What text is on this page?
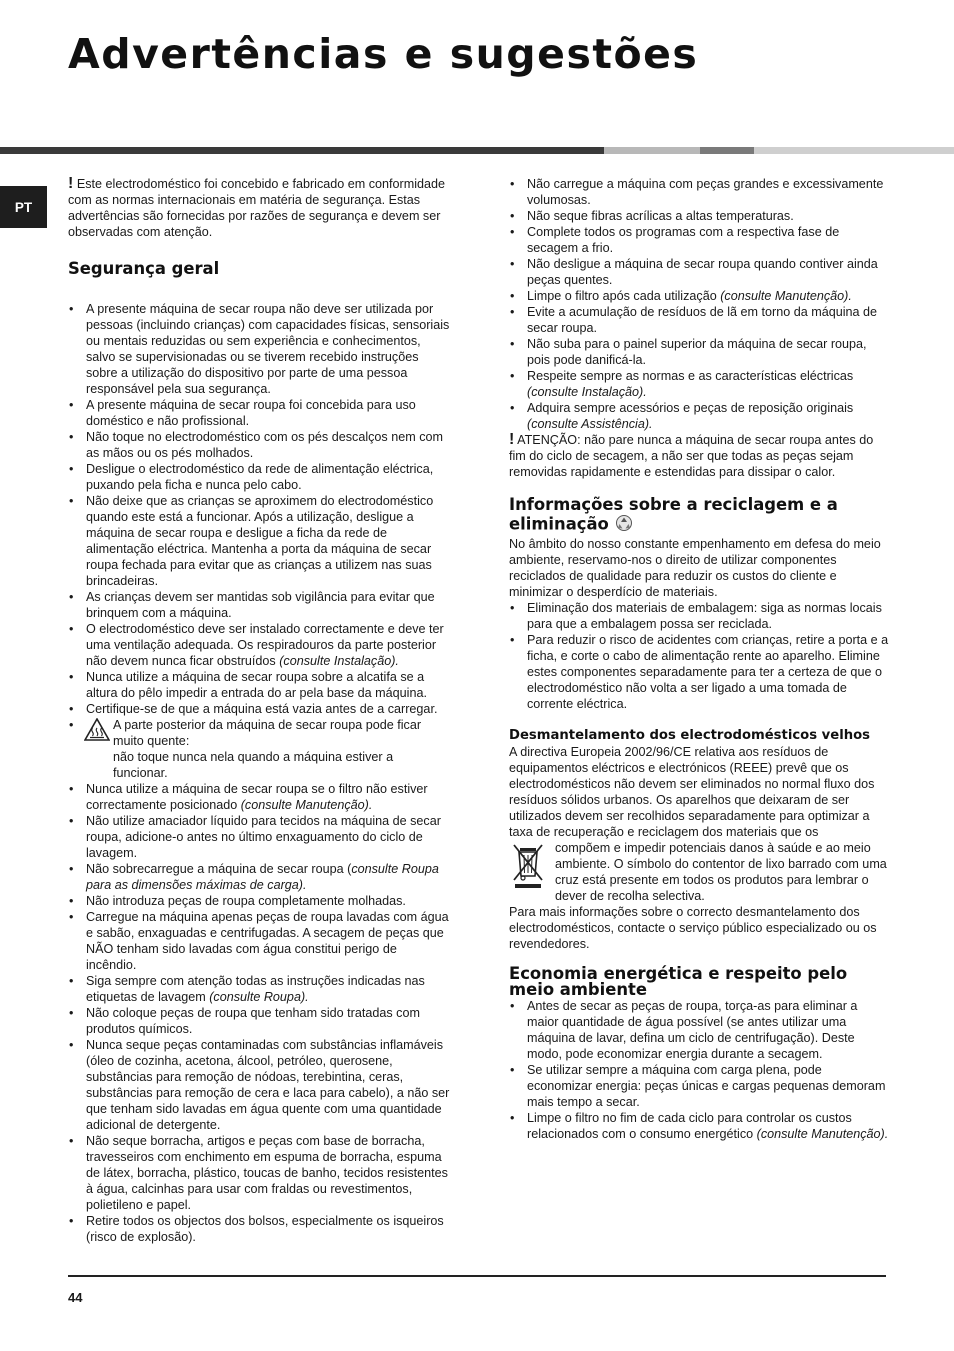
Advertências e sugestões
PT

! Este electrodoméstico foi concebido e fabricado em conformidade com as normas internacionais em matéria de segurança. Estas advertências são fornecidas por razões de segurança e devem ser observadas com atenção.

Segurança geral
• A presente máquina de secar roupa não deve ser utilizada por pessoas (incluindo crianças) com capacidades físicas, sensoriais ou mentais reduzidas ou sem experiência e conhecimentos, salvo se supervisionadas ou se tiverem recebido instruções sobre a utilização do dispositivo por parte de uma pessoa responsável pela sua segurança.
• A presente máquina de secar roupa foi concebida para uso doméstico e não profissional.
• Não toque no electrodoméstico com os pés descalços nem com as mãos ou os pés molhados.
• Desligue o electrodoméstico da rede de alimentação eléctrica, puxando pela ficha e nunca pelo cabo.
• Não deixe que as crianças se aproximem do electrodoméstico quando este está a funcionar. Após a utilização, desligue a máquina de secar roupa e desligue a ficha da rede de alimentação eléctrica. Mantenha a porta da máquina de secar roupa fechada para evitar que as crianças a utilizem nas suas brincadeiras.
• As crianças devem ser mantidas sob vigilância para evitar que brinquem com a máquina.
• O electrodoméstico deve ser instalado correctamente e deve ter uma ventilação adequada. Os respiradouros da parte posterior não devem nunca ficar obstruídos (consulte Instalação).
• Nunca utilize a máquina de secar roupa sobre a alcatifa se a altura do pêlo impedir a entrada do ar pela base da máquina.
• Certifique-se de que a máquina está vazia antes de a carregar.
• A parte posterior da máquina de secar roupa pode ficar muito quente:
não toque nunca nela quando a máquina estiver a funcionar.
• Nunca utilize a máquina de secar roupa se o filtro não estiver correctamente posicionado (consulte Manutenção).
• Não utilize amaciador líquido para tecidos na máquina de secar roupa, adicione-o antes no último enxaguamento do ciclo de lavagem.
• Não sobrecarregue a máquina de secar roupa (consulte Roupa para as dimensões máximas de carga).
• Não introduza peças de roupa completamente molhadas.
• Carregue na máquina apenas peças de roupa lavadas com água e sabão, enxaguadas e centrifugadas. A secagem de peças que NÃO tenham sido lavadas com água constitui perigo de incêndio.
• Siga sempre com atenção todas as instruções indicadas nas etiquetas de lavagem (consulte Roupa).
• Não coloque peças de roupa que tenham sido tratadas com produtos químicos.
• Nunca seque peças contaminadas com substâncias inflamáveis (óleo de cozinha, acetona, álcool, petróleo, querosene, substâncias para remoção de nódoas, terebintina, ceras, substâncias para remoção de cera e laca para cabelo), a não ser que tenham sido lavadas em água quente com uma quantidade adicional de detergente.
• Não seque borracha, artigos e peças com base de borracha, travesseiros com enchimento em espuma de borracha, espuma de látex, borracha, plástico, toucas de banho, tecidos resistentes à água, calcinhas para usar com fraldas ou revestimentos, polietileno e papel.
• Retire todos os objectos dos bolsos, especialmente os isqueiros (risco de explosão).
• Não carregue a máquina com peças grandes e excessivamente volumosas.
• Não seque fibras acrílicas a altas temperaturas.
• Complete todos os programas com a respectiva fase de secagem a frio.
• Não desligue a máquina de secar roupa quando contiver ainda peças quentes.
• Limpe o filtro após cada utilização (consulte Manutenção).
• Evite a acumulação de resíduos de lã em torno da máquina de secar roupa.
• Não suba para o painel superior da máquina de secar roupa, pois pode danificá-la.
• Respeite sempre as normas e as características eléctricas (consulte Instalação).
• Adquira sempre acessórios e peças de reposição originais (consulte Assistência).

! ATENÇÃO: não pare nunca a máquina de secar roupa antes do fim do ciclo de secagem, a não ser que todas as peças sejam removidas rapidamente e estendidas para dissipar o calor.

Informações sobre a reciclagem e a eliminação

No âmbito do nosso constante empenhamento em defesa do meio ambiente, reservamo-nos o direito de utilizar componentes reciclados de qualidade para reduzir os custos do cliente e minimizar o desperdício de materiais.

• Eliminação dos materiais de embalagem: siga as normas locais para que a embalagem possa ser reciclada.
• Para reduzir o risco de acidentes com crianças, retire a porta e a ficha, e corte o cabo de alimentação rente ao aparelho. Elimine estes componentes separadamente para ter a certeza de que o electrodoméstico não volta a ser ligado a uma tomada de corrente eléctrica.
Desmantelamento dos electrodomésticos velhos

A directiva Europeia 2002/96/CE relativa aos resíduos de equipamentos eléctricos e electrónicos (REEE) prevê que os electrodomésticos não devem ser eliminados no normal fluxo dos resíduos sólidos urbanos. Os aparelhos que deixaram de ser utilizados devem ser recolhidos separadamente para optimizar a taxa de recuperação e reciclagem dos materiais que os

compõem e impedir potenciais danos à saúde e ao meio ambiente. O símbolo do contentor de lixo barrado com uma cruz está presente em todos os produtos para lembrar o dever de recolha selectiva.

Para mais informações sobre o correcto desmantelamento dos electrodomésticos, contacte o serviço público especializado ou os revendedores.

Economia energética e respeito pelo meio ambiente
• Antes de secar as peças de roupa, torça-as para eliminar a maior quantidade de água possível (se antes utilizar uma máquina de lavar, defina um ciclo de centrifugação). Deste modo, pode economizar energia durante a secagem.
• Se utilizar sempre a máquina com carga plena, pode economizar energia: peças únicas e cargas pequenas demoram mais tempo a secar.
• Limpe o filtro no fim de cada ciclo para controlar os custos relacionados com o consumo energético (consulte Manutenção).
44
